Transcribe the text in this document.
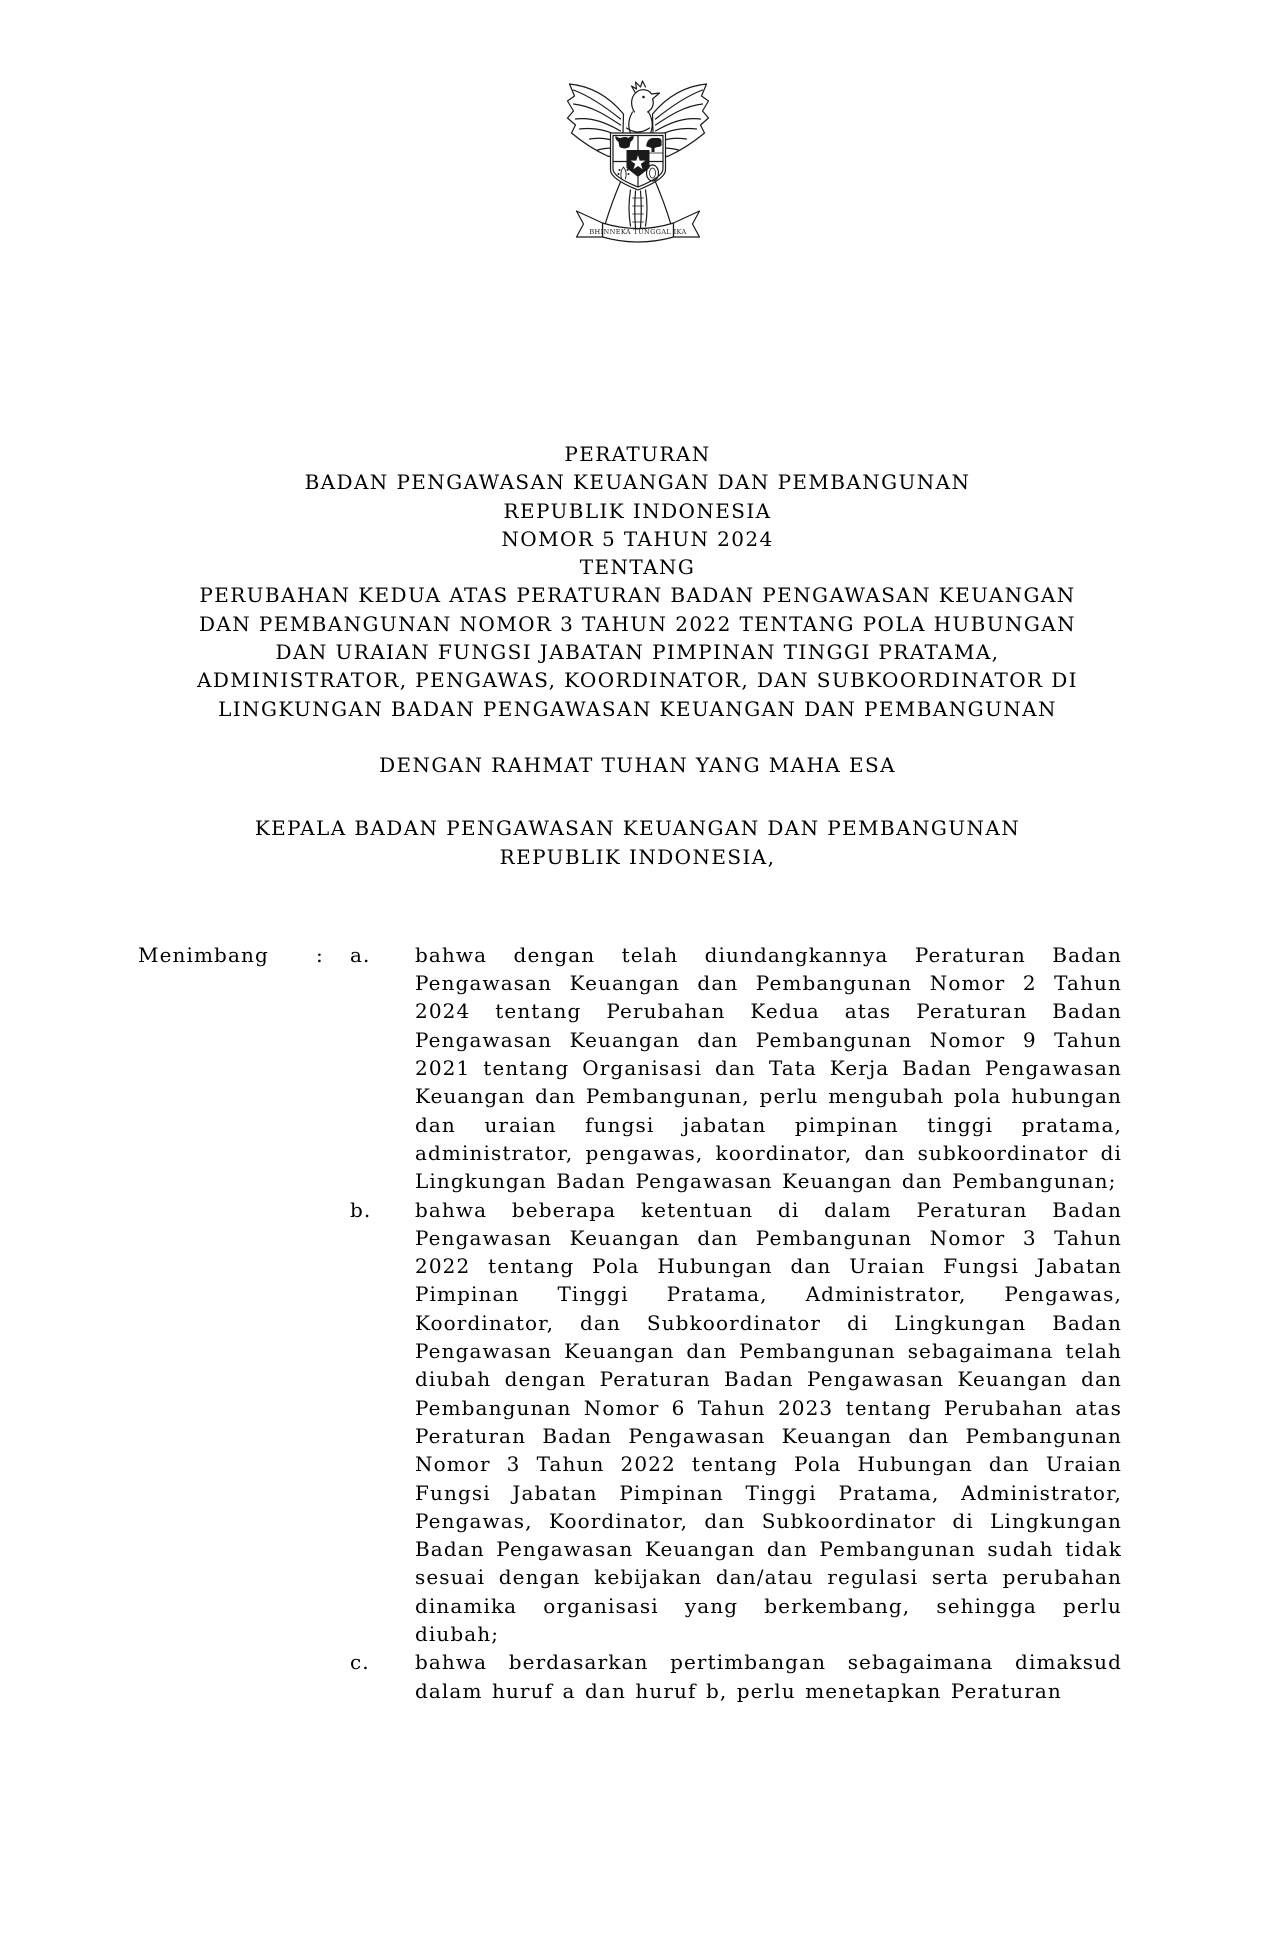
BHINNEKA TUNGGAL IKA
PERATURAN
BADAN PENGAWASAN KEUANGAN DAN PEMBANGUNAN
REPUBLIK INDONESIA
NOMOR 5 TAHUN 2024
TENTANG
PERUBAHAN KEDUA ATAS PERATURAN BADAN PENGAWASAN KEUANGAN
DAN PEMBANGUNAN NOMOR 3 TAHUN 2022 TENTANG POLA HUBUNGAN
DAN URAIAN FUNGSI JABATAN PIMPINAN TINGGI PRATAMA,
ADMINISTRATOR, PENGAWAS, KOORDINATOR, DAN SUBKOORDINATOR DI
LINGKUNGAN BADAN PENGAWASAN KEUANGAN DAN PEMBANGUNAN
DENGAN RAHMAT TUHAN YANG MAHA ESA
KEPALA BADAN PENGAWASAN KEUANGAN DAN PEMBANGUNAN
REPUBLIK INDONESIA,
Menimbang	: a.	bahwa dengan telah diundangkannya Peraturan Badan Pengawasan Keuangan dan Pembangunan Nomor 2 Tahun 2024 tentang Perubahan Kedua atas Peraturan Badan Pengawasan Keuangan dan Pembangunan Nomor 9 Tahun 2021 tentang Organisasi dan Tata Kerja Badan Pengawasan Keuangan dan Pembangunan, perlu mengubah pola hubungan dan uraian fungsi jabatan pimpinan tinggi pratama, administrator, pengawas, koordinator, dan subkoordinator di Lingkungan Badan Pengawasan Keuangan dan Pembangunan;
b.	bahwa beberapa ketentuan di dalam Peraturan Badan Pengawasan Keuangan dan Pembangunan Nomor 3 Tahun 2022 tentang Pola Hubungan dan Uraian Fungsi Jabatan Pimpinan Tinggi Pratama, Administrator, Pengawas, Koordinator, dan Subkoordinator di Lingkungan Badan Pengawasan Keuangan dan Pembangunan sebagaimana telah diubah dengan Peraturan Badan Pengawasan Keuangan dan Pembangunan Nomor 6 Tahun 2023 tentang Perubahan atas Peraturan Badan Pengawasan Keuangan dan Pembangunan Nomor 3 Tahun 2022 tentang Pola Hubungan dan Uraian Fungsi Jabatan Pimpinan Tinggi Pratama, Administrator, Pengawas, Koordinator, dan Subkoordinator di Lingkungan Badan Pengawasan Keuangan dan Pembangunan sudah tidak sesuai dengan kebijakan dan/atau regulasi serta perubahan dinamika organisasi yang berkembang, sehingga perlu diubah;
c.	bahwa berdasarkan pertimbangan sebagaimana dimaksud dalam huruf a dan huruf b, perlu menetapkan Peraturan
